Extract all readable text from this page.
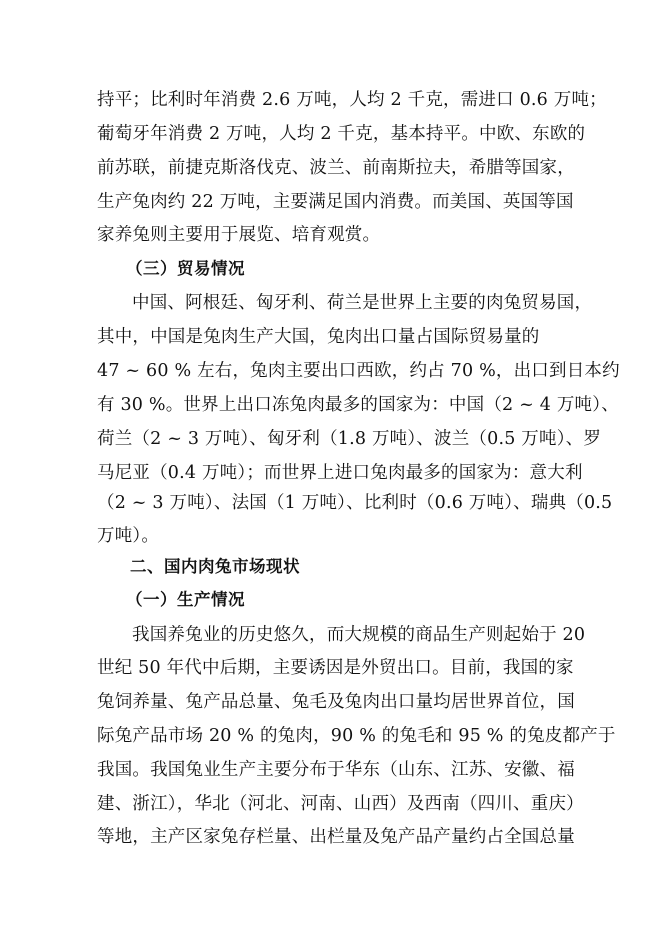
持平；比利时年消费 2.6 万吨，人均 2 千克，需进口 0.6 万吨；
葡萄牙年消费 2 万吨，人均 2 千克，基本持平。中欧、东欧的
前苏联，前捷克斯洛伐克、波兰、前南斯拉夫，希腊等国家，
生产兔肉约 22 万吨，主要满足国内消费。而美国、英国等国
家养兔则主要用于展览、培育观赏。
（三）贸易情况
中国、阿根廷、匈牙利、荷兰是世界上主要的肉兔贸易国，
其中，中国是兔肉生产大国，兔肉出口量占国际贸易量的
47 ~ 60 % 左右，兔肉主要出口西欧，约占 70 %，出口到日本约
有 30 %。世界上出口冻兔肉最多的国家为：中国（2 ~ 4 万吨）、
荷兰（2 ~ 3 万吨）、匈牙利（1.8 万吨）、波兰（0.5 万吨）、罗
马尼亚（0.4 万吨）；而世界上进口兔肉最多的国家为：意大利
（2 ~ 3 万吨）、法国（1 万吨）、比利时（0.6 万吨）、瑞典（0.5
万吨）。
二、国内肉兔市场现状
（一）生产情况
我国养兔业的历史悠久，而大规模的商品生产则起始于 20
世纪 50 年代中后期，主要诱因是外贸出口。目前，我国的家
兔饲养量、兔产品总量、兔毛及兔肉出口量均居世界首位，国
际兔产品市场 20 % 的兔肉，90 % 的兔毛和 95 % 的兔皮都产于
我国。我国兔业生产主要分布于华东（山东、江苏、安徽、福
建、浙江），华北（河北、河南、山西）及西南（四川、重庆）
等地，主产区家兔存栏量、出栏量及兔产品产量约占全国总量
